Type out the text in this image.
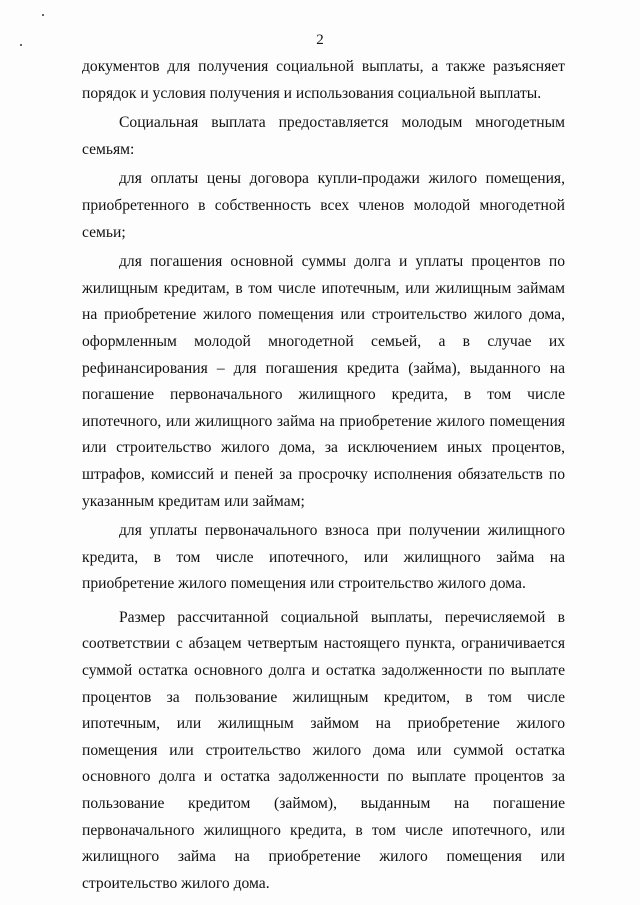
2

документов для получения социальной выплаты, а также разъясняет порядок и условия получения и использования социальной выплаты.

Социальная выплата предоставляется молодым многодетным семьям:

для оплаты цены договора купли-продажи жилого помещения, приобретенного в собственность всех членов молодой многодетной семьи;

для погашения основной суммы долга и уплаты процентов по жилищным кредитам, в том числе ипотечным, или жилищным займам на приобретение жилого помещения или строительство жилого дома, оформленным молодой многодетной семьей, а в случае их рефинансирования – для погашения кредита (займа), выданного на погашение первоначального жилищного кредита, в том числе ипотечного, или жилищного займа на приобретение жилого помещения или строительство жилого дома, за исключением иных процентов, штрафов, комиссий и пеней за просрочку исполнения обязательств по указанным кредитам или займам;

для уплаты первоначального взноса при получении жилищного кредита, в том числе ипотечного, или жилищного займа на приобретение жилого помещения или строительство жилого дома.

Размер рассчитанной социальной выплаты, перечисляемой в соответствии с абзацем четвертым настоящего пункта, ограничивается суммой остатка основного долга и остатка задолженности по выплате процентов за пользование жилищным кредитом, в том числе ипотечным, или жилищным займом на приобретение жилого помещения или строительство жилого дома или суммой остатка основного долга и остатка задолженности по выплате процентов за пользование кредитом (займом), выданным на погашение первоначального жилищного кредита, в том числе ипотечного, или жилищного займа на приобретение жилого помещения или строительство жилого дома.
